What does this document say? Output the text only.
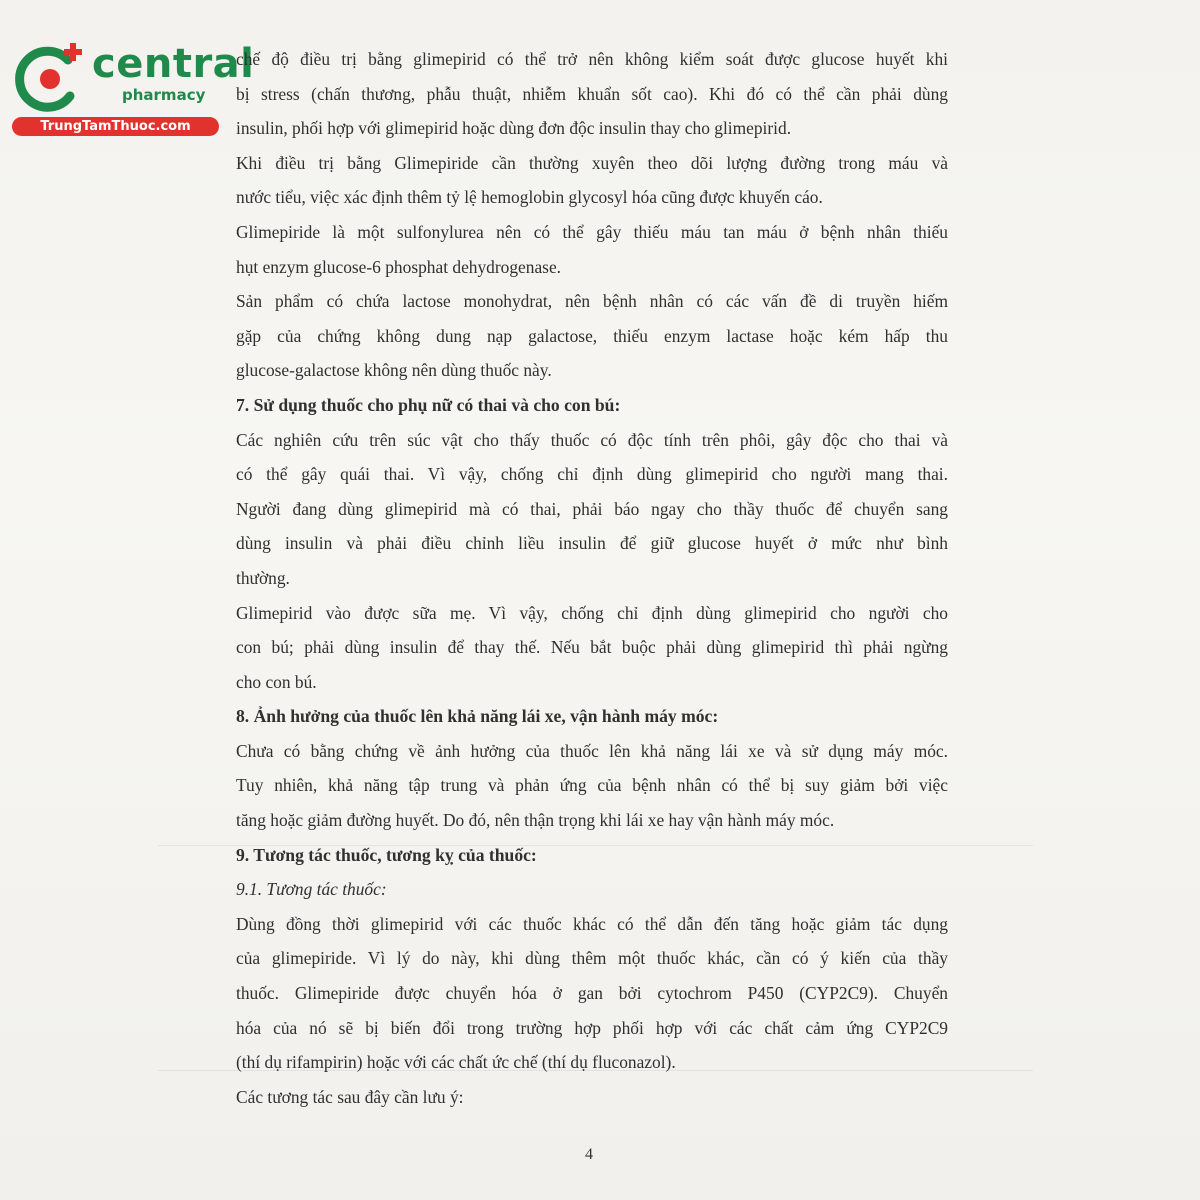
central
pharmacy
TrungTamThuoc.com

chế độ điều trị bằng glimepirid có thể trở nên không kiểm soát được glucose huyết khi
bị stress (chấn thương, phẫu thuật, nhiễm khuẩn sốt cao). Khi đó có thể cần phải dùng
insulin, phối hợp với glimepirid hoặc dùng đơn độc insulin thay cho glimepirid.

Khi điều trị bằng Glimepiride cần thường xuyên theo dõi lượng đường trong máu và
nước tiểu, việc xác định thêm tỷ lệ hemoglobin glycosyl hóa cũng được khuyến cáo.

Glimepiride là một sulfonylurea nên có thể gây thiếu máu tan máu ở bệnh nhân thiếu
hụt enzym glucose-6 phosphat dehydrogenase.

Sản phẩm có chứa lactose monohydrat, nên bệnh nhân có các vấn đề di truyền hiếm
gặp của chứng không dung nạp galactose, thiếu enzym lactase hoặc kém hấp thu
glucose-galactose không nên dùng thuốc này.

7. Sử dụng thuốc cho phụ nữ có thai và cho con bú:

Các nghiên cứu trên súc vật cho thấy thuốc có độc tính trên phôi, gây độc cho thai và
có thể gây quái thai. Vì vậy, chống chỉ định dùng glimepirid cho người mang thai.
Người đang dùng glimepirid mà có thai, phải báo ngay cho thầy thuốc để chuyển sang
dùng insulin và phải điều chỉnh liều insulin để giữ glucose huyết ở mức như bình
thường.

Glimepirid vào được sữa mẹ. Vì vậy, chống chỉ định dùng glimepirid cho người cho
con bú; phải dùng insulin để thay thế. Nếu bắt buộc phải dùng glimepirid thì phải ngừng
cho con bú.

8. Ảnh hưởng của thuốc lên khả năng lái xe, vận hành máy móc:

Chưa có bằng chứng về ảnh hưởng của thuốc lên khả năng lái xe và sử dụng máy móc.
Tuy nhiên, khả năng tập trung và phản ứng của bệnh nhân có thể bị suy giảm bởi việc
tăng hoặc giảm đường huyết. Do đó, nên thận trọng khi lái xe hay vận hành máy móc.

9. Tương tác thuốc, tương kỵ của thuốc:

9.1. Tương tác thuốc:

Dùng đồng thời glimepirid với các thuốc khác có thể dẫn đến tăng hoặc giảm tác dụng
của glimepiride. Vì lý do này, khi dùng thêm một thuốc khác, cần có ý kiến của thầy
thuốc. Glimepiride được chuyển hóa ở gan bởi cytochrom P450 (CYP2C9). Chuyển
hóa của nó sẽ bị biến đổi trong trường hợp phối hợp với các chất cảm ứng CYP2C9
(thí dụ rifampirin) hoặc với các chất ức chế (thí dụ fluconazol).

Các tương tác sau đây cần lưu ý:

4
